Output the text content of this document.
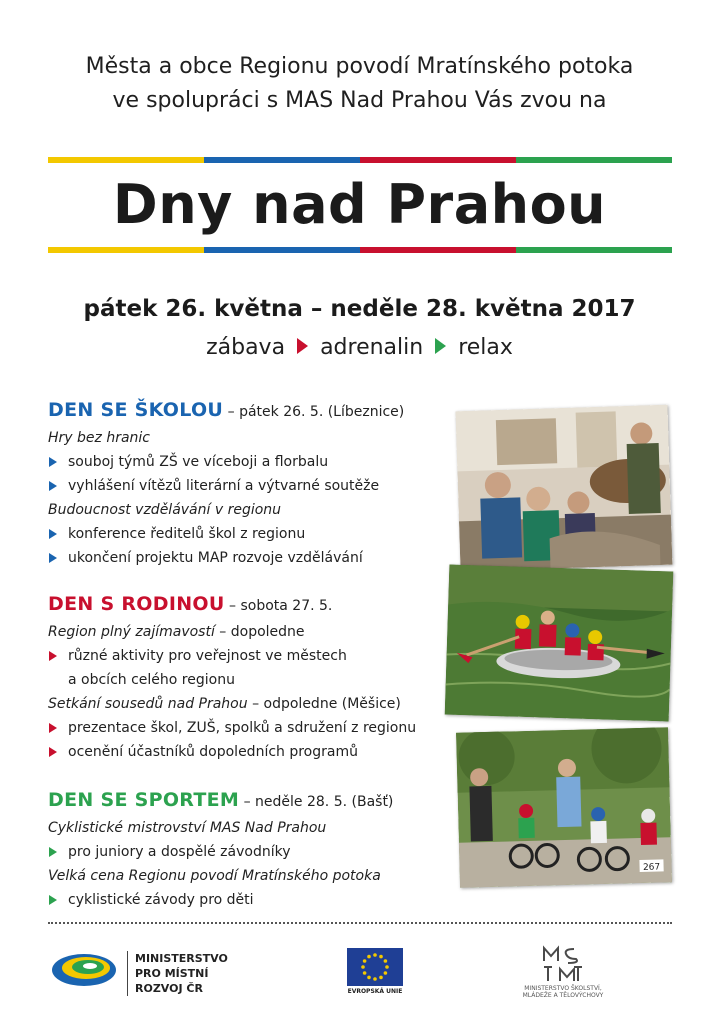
Města a obce Regionu povodí Mratínského potoka
ve spolupráci s MAS Nad Prahou Vás zvou na
Dny nad Prahou
pátek 26. května – neděle 28. května 2017
zábava adrenalin relax
DEN SE ŠKOLOU – pátek 26. 5. (Líbeznice)
Hry bez hranic
souboj týmů ZŠ ve víceboji a florbalu
vyhlášení vítězů literární a výtvarné soutěže
Budoucnost vzdělávání v regionu
konference ředitelů škol z regionu
ukončení projektu MAP rozvoje vzdělávání
DEN S RODINOU – sobota 27. 5.
Region plný zajímavostí – dopoledne
různé aktivity pro veřejnost ve městech
a obcích celého regionu
Setkání sousedů nad Prahou – odpoledne (Měšice)
prezentace škol, ZUŠ, spolků a sdružení z regionu
ocenění účastníků dopoledních programů
DEN SE SPORTEM – neděle 28. 5. (Bašť)
Cyklistické mistrovství MAS Nad Prahou
pro juniory a dospělé závodníky
Velká cena Regionu povodí Mratínského potoka
cyklistické závody pro děti
267
MINISTERSTVO
PRO MÍSTNÍ
ROZVOJ ČR	EVROPSKÁ UNIE	MINISTERSTVO ŠKOLSTVÍ,
MLÁDEŽE A TĚLOVÝCHOVY
